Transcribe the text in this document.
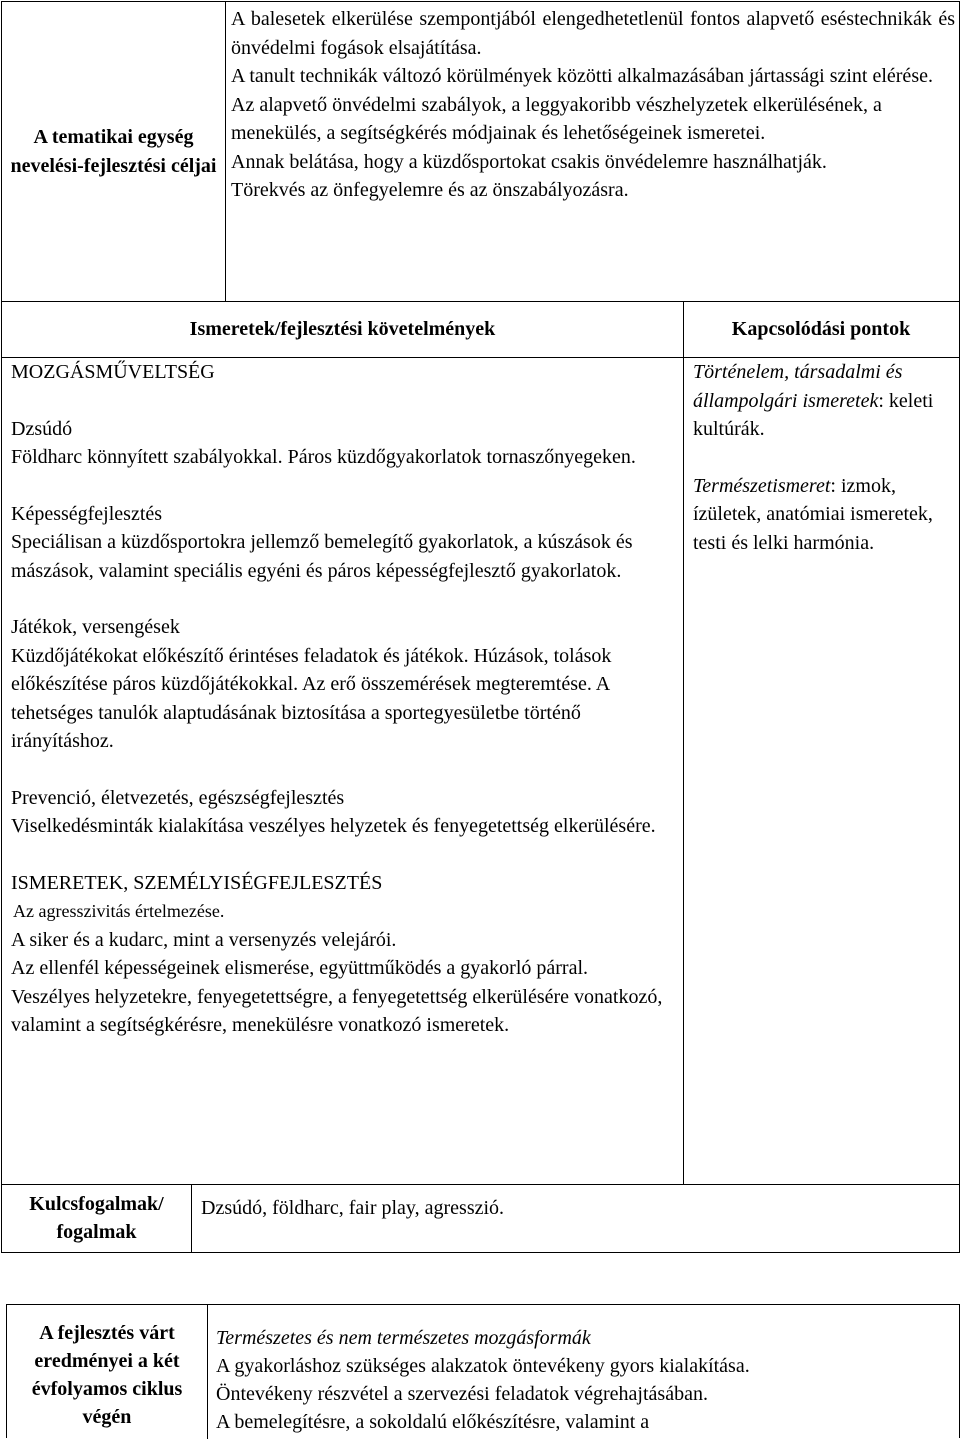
A tematikai egység nevelési-fejlesztési céljai

A balesetek elkerülése szempontjából elengedhetetlenül fontos alapvető eséstechnikák és önvédelmi fogások elsajátítása.

A tanult technikák változó körülmények közötti alkalmazásában jártassági szint elérése.

Az alapvető önvédelmi szabályok, a leggyakoribb vészhelyzetek elkerülésének, a menekülés, a segítségkérés módjainak és lehetőségeinek ismeretei.

Annak belátása, hogy a küzdősportokat csakis önvédelemre használhatják.

Törekvés az önfegyelemre és az önszabályozásra.

Ismeretek/fejlesztési követelmények	Kapcsolódási pontok

MOZGÁSMŰVELTSÉG

Dzsúdó

Földharc könnyített szabályokkal. Páros küzdőgyakorlatok tornaszőnyegeken.

Képességfejlesztés

Speciálisan a küzdősportokra jellemző bemelegítő gyakorlatok, a kúszások és mászások, valamint speciális egyéni és páros képességfejlesztő gyakorlatok.

Játékok, versengések

Küzdőjátékokat előkészítő érintéses feladatok és játékok. Húzások, tolások előkészítése páros küzdőjátékokkal. Az erő összemérések megteremtése. A tehetséges tanulók alaptudásának biztosítása a sportegyesületbe történő irányításhoz.

Prevenció, életvezetés, egészségfejlesztés

Viselkedésminták kialakítása veszélyes helyzetek és fenyegetettség elkerülésére.

ISMERETEK, SZEMÉLYISÉGFEJLESZTÉS

Az agresszivitás értelmezése.

A siker és a kudarc, mint a versenyzés velejárói.

Az ellenfél képességeinek elismerése, együttműködés a gyakorló párral.

Veszélyes helyzetekre, fenyegetettségre, a fenyegetettség elkerülésére vonatkozó, valamint a segítségkérésre, menekülésre vonatkozó ismeretek.

Történelem, társadalmi és állampolgári ismeretek: keleti kultúrák.

Természetismeret: izmok, ízületek, anatómiai ismeretek, testi és lelki harmónia.

Kulcsfogalmak/ fogalmak

Dzsúdó, földharc, fair play, agresszió.

A fejlesztés várt eredményei a két évfolyamos ciklus végén

Természetes és nem természetes mozgásformák

A gyakorláshoz szükséges alakzatok öntevékeny gyors kialakítása.

Öntevékeny részvétel a szervezési feladatok végrehajtásában.

A bemelegítésre, a sokoldalú előkészítésre, valamint a
